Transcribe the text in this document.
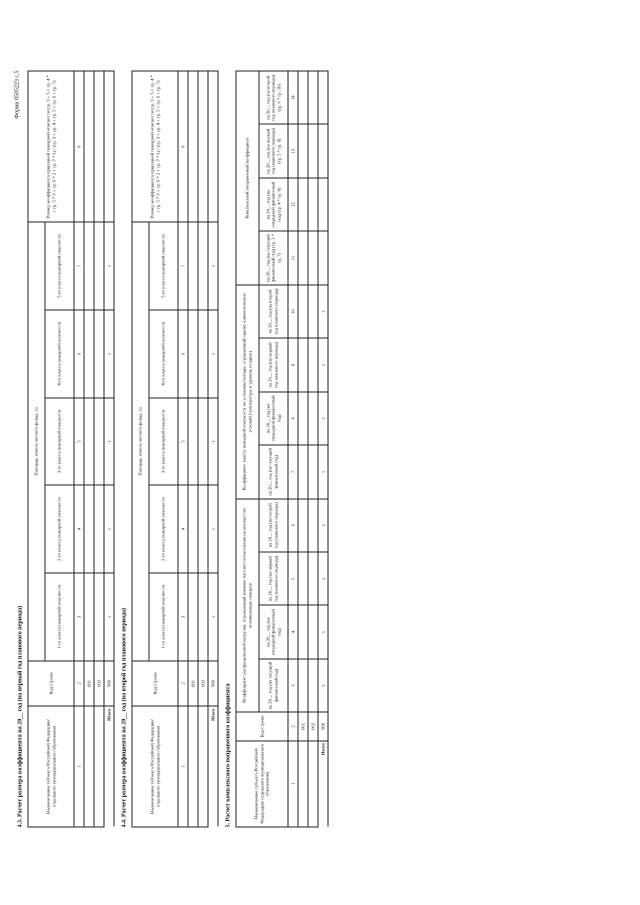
Форма 0505223 с.5
4.3. Расчет размера коэффициента на 20__ год (на первый год планового периода)	Наименование субъекта Российской Федерации/ отдельного муниципального образования	Код строки	Площадь земель лесного фонда, га					Размер коэффициента природной пожарной опасности (гр. 3 + 5 × гр. 4 * + гр. 5 * 3 + гр. 6 * 2 + гр. 7 * 1) / (гр. 3 + гр. 4 + гр. 5 + гр. 6 + гр. 7)
		1-го класса пожарной опасности	2-го класса пожарной опасности	3-го класса пожарной опасности	4-го класса пожарной опасности	5-го класса пожарной опасности	
1	2	3	4	5	6	7	8
	001						
	002						
Итого	900	x	x	x	x	x	
4.4. Расчет размера коэффициента на 20__ год (на второй год планового периода)	Наименование субъекта Российской Федерации/ отдельного муниципального образования	Код строки	Площадь земель лесного фонда, га					Размер коэффициента природной пожарной опасности (гр. 3 + 5 × гр. 4 * + гр. 5 * 3 + гр. 6 * 2 + гр. 7 * 1) / (гр. 3 + гр. 4 + гр. 5 + гр. 6 + гр. 7)
		1-го класса пожарной опасности	2-го класса пожарной опасности	3-го класса пожарной опасности	4-го класса пожарной опасности	5-го класса пожарной опасности	
1	2	3	4	5	6	7	8
	001						
	002						
Итого	900	x	x	x	x	x	
5. Расчет комплексного поправочного коэффициента	Наименование субъекта Российской Федерации/ отдельного муниципального образования	Код строки	Коэффициент распределенной нагрузки, отражающий влияние плотности населения на количество возникающих пожаров				Коэффициент класса пожарной опасности по условиям погоды, отражающий оценку климатических условий (температура и уровень осадков)				Комплексный поправочный коэффициент			
		на 20__ год (на текущий финансовый год)	на 20__ год (на очередной финансовый год)	на 20__ год (на первый год планового периода)	на 20__ год (на второй год планового периода)	на 20__ год (на текущий финансовый год)	на 20__ год (на очередной финансовый год)	на 20__ год (на первый год планового периода)	на 20__ год (на второй год планового периода)	на 20__ год (на текущий финансовый год) (гр. 3 * гр. 7)	на 20__ год (на очередной финансовый год) (гр. 4 * гр. 8)	на 20__ год (на первый год планового периода) (гр. 5 * гр. 9)	на 20__ год (на второй год планового периода) (гр. 6 * гр. 10)
1	2	3	4	5	6	7	8	9	10	11	12	13	14
	001												
	002												
Итого	900	x	x	x	x	x	x	x	x				
